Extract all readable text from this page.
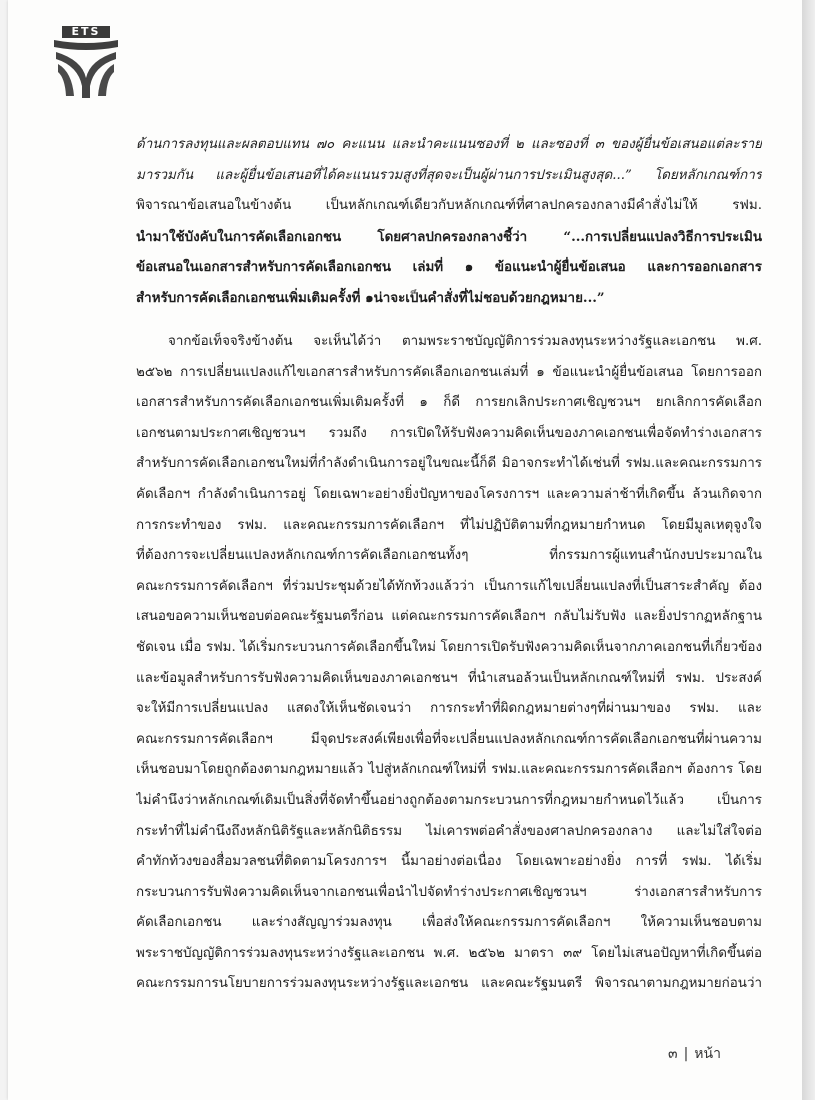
ETS
ด้านการลงทุนและผลตอบแทน ๗๐ คะแนน และนำคะแนนซองที่ ๒ และซองที่ ๓ ของผู้ยื่นข้อเสนอแต่ละราย
มารวมกัน และผู้ยื่นข้อเสนอที่ได้คะแนนรวมสูงที่สุดจะเป็นผู้ผ่านการประเมินสูงสุด...” โดยหลักเกณฑ์การ
พิจารณาข้อเสนอในข้างต้น เป็นหลักเกณฑ์เดียวกับหลักเกณฑ์ที่ศาลปกครองกลางมีคำสั่งไม่ให้ รฟม.
นำมาใช้บังคับในการคัดเลือกเอกชน โดยศาลปกครองกลางชี้ว่า “...การเปลี่ยนแปลงวิธีการประเมิน
ข้อเสนอในเอกสารสำหรับการคัดเลือกเอกชน เล่มที่ ๑ ข้อแนะนำผู้ยื่นข้อเสนอ และการออกเอกสาร
สำหรับการคัดเลือกเอกชนเพิ่มเติมครั้งที่ ๑น่าจะเป็นคำสั่งที่ไม่ชอบด้วยกฎหมาย...”
จากข้อเท็จจริงข้างต้น จะเห็นได้ว่า ตามพระราชบัญญัติการร่วมลงทุนระหว่างรัฐและเอกชน พ.ศ.
๒๕๖๒ การเปลี่ยนแปลงแก้ไขเอกสารสำหรับการคัดเลือกเอกชนเล่มที่ ๑ ข้อแนะนำผู้ยื่นข้อเสนอ โดยการออก
เอกสารสำหรับการคัดเลือกเอกชนเพิ่มเติมครั้งที่ ๑ ก็ดี การยกเลิกประกาศเชิญชวนฯ ยกเลิกการคัดเลือก
เอกชนตามประกาศเชิญชวนฯ รวมถึง การเปิดให้รับฟังความคิดเห็นของภาคเอกชนเพื่อจัดทำร่างเอกสาร
สำหรับการคัดเลือกเอกชนใหม่ที่กำลังดำเนินการอยู่ในขณะนี้ก็ดี มิอาจกระทำได้เช่นที่ รฟม.และคณะกรรมการ
คัดเลือกฯ กำลังดำเนินการอยู่ โดยเฉพาะอย่างยิ่งปัญหาของโครงการฯ และความล่าช้าที่เกิดขึ้น ล้วนเกิดจาก
การกระทำของ รฟม. และคณะกรรมการคัดเลือกฯ ที่ไม่ปฏิบัติตามที่กฎหมายกำหนด โดยมีมูลเหตุจูงใจ
ที่ต้องการจะเปลี่ยนแปลงหลักเกณฑ์การคัดเลือกเอกชนทั้งๆ ที่กรรมการผู้แทนสำนักงบประมาณใน
คณะกรรมการคัดเลือกฯ ที่ร่วมประชุมด้วยได้ทักท้วงแล้วว่า เป็นการแก้ไขเปลี่ยนแปลงที่เป็นสาระสำคัญ ต้อง
เสนอขอความเห็นชอบต่อคณะรัฐมนตรีก่อน แต่คณะกรรมการคัดเลือกฯ กลับไม่รับฟัง และยิ่งปรากฏหลักฐาน
ชัดเจน เมื่อ รฟม. ได้เริ่มกระบวนการคัดเลือกขึ้นใหม่ โดยการเปิดรับฟังความคิดเห็นจากภาคเอกชนที่เกี่ยวข้อง
และข้อมูลสำหรับการรับฟังความคิดเห็นของภาคเอกชนฯ ที่นำเสนอล้วนเป็นหลักเกณฑ์ใหม่ที่ รฟม. ประสงค์
จะให้มีการเปลี่ยนแปลง แสดงให้เห็นชัดเจนว่า การกระทำที่ผิดกฎหมายต่างๆที่ผ่านมาของ รฟม. และ
คณะกรรมการคัดเลือกฯ มีจุดประสงค์เพียงเพื่อที่จะเปลี่ยนแปลงหลักเกณฑ์การคัดเลือกเอกชนที่ผ่านความ
เห็นชอบมาโดยถูกต้องตามกฎหมายแล้ว ไปสู่หลักเกณฑ์ใหม่ที่ รฟม.และคณะกรรมการคัดเลือกฯ ต้องการ โดย
ไม่คำนึงว่าหลักเกณฑ์เดิมเป็นสิ่งที่จัดทำขึ้นอย่างถูกต้องตามกระบวนการที่กฎหมายกำหนดไว้แล้ว เป็นการ
กระทำที่ไม่คำนึงถึงหลักนิติรัฐและหลักนิติธรรม ไม่เคารพต่อคำสั่งของศาลปกครองกลาง และไม่ใส่ใจต่อ
คำทักท้วงของสื่อมวลชนที่ติดตามโครงการฯ นี้มาอย่างต่อเนื่อง โดยเฉพาะอย่างยิ่ง การที่ รฟม. ได้เริ่ม
กระบวนการรับฟังความคิดเห็นจากเอกชนเพื่อนำไปจัดทำร่างประกาศเชิญชวนฯ ร่างเอกสารสำหรับการ
คัดเลือกเอกชน และร่างสัญญาร่วมลงทุน เพื่อส่งให้คณะกรรมการคัดเลือกฯ ให้ความเห็นชอบตาม
พระราชบัญญัติการร่วมลงทุนระหว่างรัฐและเอกชน พ.ศ. ๒๕๖๒ มาตรา ๓๙ โดยไม่เสนอปัญหาที่เกิดขึ้นต่อ
คณะกรรมการนโยบายการร่วมลงทุนระหว่างรัฐและเอกชน และคณะรัฐมนตรี พิจารณาตามกฎหมายก่อนว่า
๓ | หน้า
